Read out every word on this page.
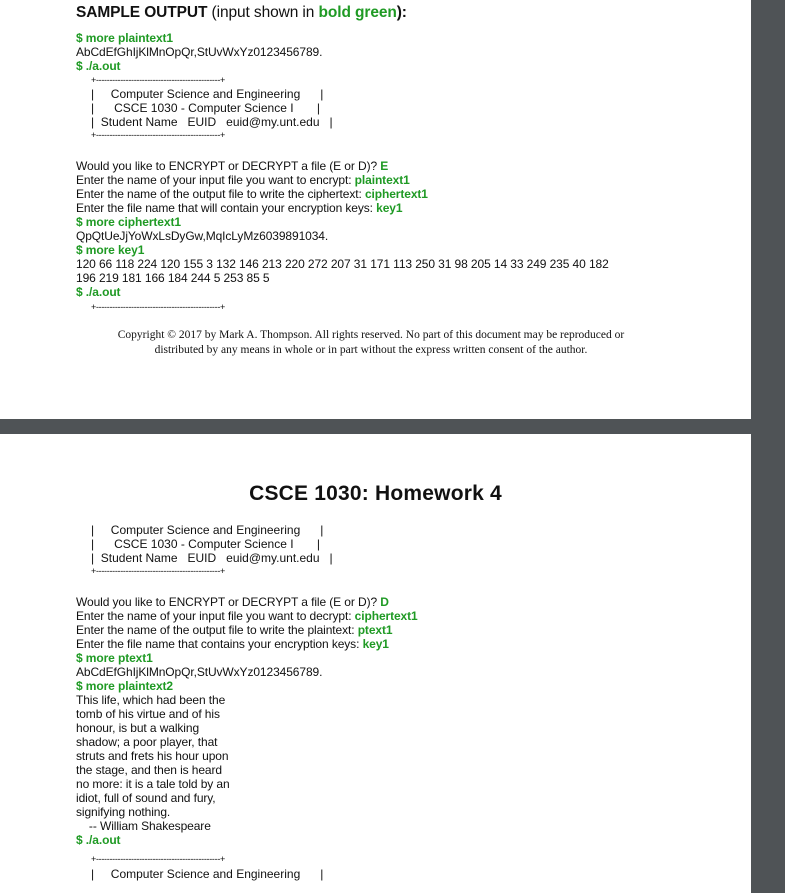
SAMPLE OUTPUT (input shown in bold green):
$ more plaintext1
AbCdEfGhIjKlMnOpQr,StUvWxYz0123456789.
$ ./a.out
+----------------------------------------------+
|     Computer Science and Engineering      |
|      CSCE 1030 - Computer Science I       |
|  Student Name   EUID   euid@my.unt.edu   |
+----------------------------------------------+
Would you like to ENCRYPT or DECRYPT a file (E or D)? E
Enter the name of your input file you want to encrypt: plaintext1
Enter the name of the output file to write the ciphertext: ciphertext1
Enter the file name that will contain your encryption keys: key1
$ more ciphertext1
QpQtUeJjYoWxLsDyGw,MqIcLyMz6039891034.
$ more key1
120 66 118 224 120 155 3 132 146 213 220 272 207 31 171 113 250 31 98 205 14 33 249 235 40 182
196 219 181 166 184 244 5 253 85 5
$ ./a.out
+----------------------------------------------+
Copyright © 2017 by Mark A. Thompson. All rights reserved. No part of this document may be reproduced or
distributed by any means in whole or in part without the express written consent of the author.
CSCE 1030: Homework 4
|     Computer Science and Engineering      |
|      CSCE 1030 - Computer Science I       |
|  Student Name   EUID   euid@my.unt.edu   |
+----------------------------------------------+
Would you like to ENCRYPT or DECRYPT a file (E or D)? D
Enter the name of your input file you want to decrypt: ciphertext1
Enter the name of the output file to write the plaintext: ptext1
Enter the file name that contains your encryption keys: key1
$ more ptext1
AbCdEfGhIjKlMnOpQr,StUvWxYz0123456789.
$ more plaintext2
This life, which had been the
tomb of his virtue and of his
honour, is but a walking
shadow; a poor player, that
struts and frets his hour upon
the stage, and then is heard
no more: it is a tale told by an
idiot, full of sound and fury,
signifying nothing.
-- William Shakespeare
$ ./a.out
+----------------------------------------------+
|     Computer Science and Engineering      |
